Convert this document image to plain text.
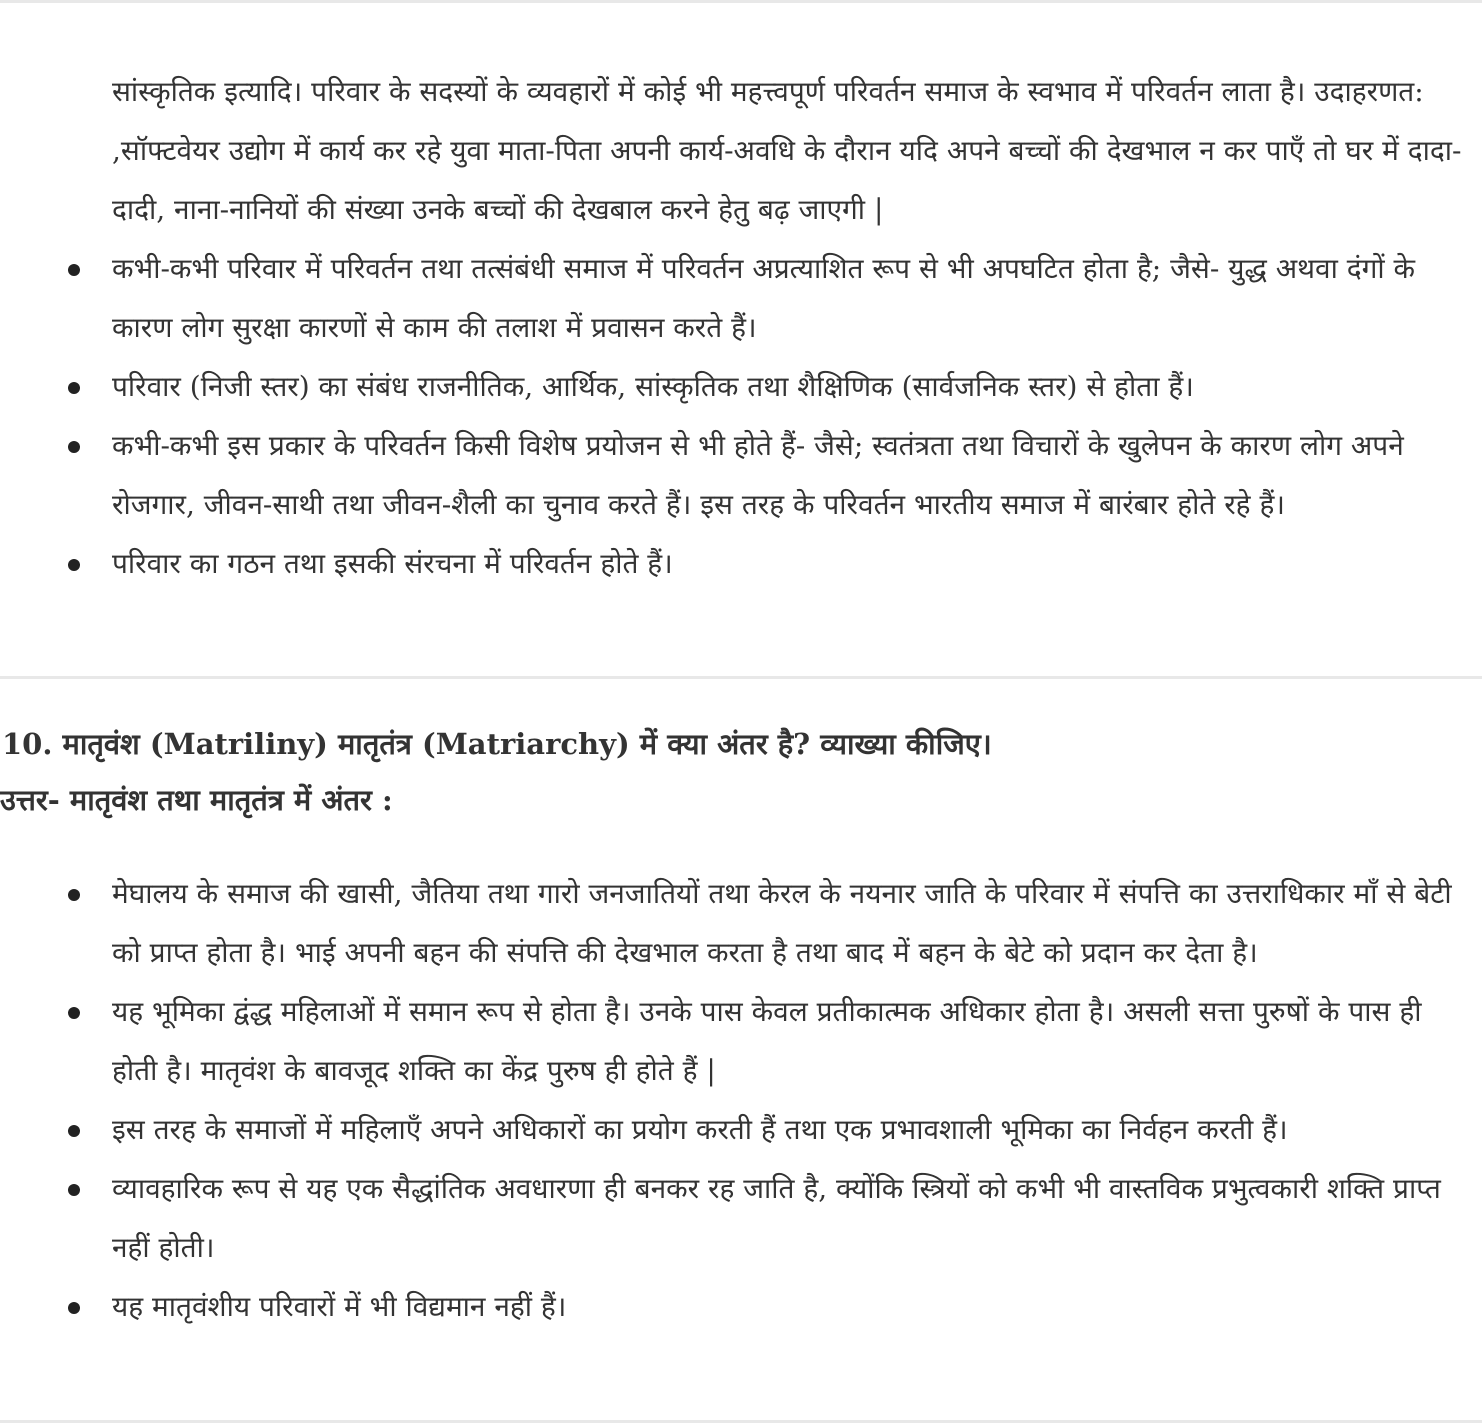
सांस्कृतिक इत्यादि। परिवार के सदस्यों के व्यवहारों में कोई भी महत्त्वपूर्ण परिवर्तन समाज के स्वभाव में परिवर्तन लाता है। उदाहरणत: ,सॉफ्टवेयर उद्योग में कार्य कर रहे युवा माता-पिता अपनी कार्य-अवधि के दौरान यदि अपने बच्चों की देखभाल न कर पाएँ तो घर में दादा-दादी, नाना-नानियों की संख्या उनके बच्चों की देखबाल करने हेतु बढ़ जाएगी |

कभी-कभी परिवार में परिवर्तन तथा तत्संबंधी समाज में परिवर्तन अप्रत्याशित रूप से भी अपघटित होता है; जैसे- युद्ध अथवा दंगों के कारण लोग सुरक्षा कारणों से काम की तलाश में प्रवासन करते हैं।
परिवार (निजी स्तर) का संबंध राजनीतिक, आर्थिक, सांस्कृतिक तथा शैक्षिणिक (सार्वजनिक स्तर) से होता हैं।
कभी-कभी इस प्रकार के परिवर्तन किसी विशेष प्रयोजन से भी होते हैं- जैसे; स्वतंत्रता तथा विचारों के खुलेपन के कारण लोग अपने रोजगार, जीवन-साथी तथा जीवन-शैली का चुनाव करते हैं। इस तरह के परिवर्तन भारतीय समाज में बारंबार होते रहे हैं।
परिवार का गठन तथा इसकी संरचना में परिवर्तन होते हैं।
10. मातृवंश (Matriliny) मातृतंत्र (Matriarchy) में क्या अंतर है? व्याख्या कीजिए।
उत्तर- मातृवंश तथा मातृतंत्र में अंतर :
मेघालय के समाज की खासी, जैतिया तथा गारो जनजातियों तथा केरल के नयनार जाति के परिवार में संपत्ति का उत्तराधिकार माँ से बेटी को प्राप्त होता है। भाई अपनी बहन की संपत्ति की देखभाल करता है तथा बाद में बहन के बेटे को प्रदान कर देता है।
यह भूमिका द्वंद्ध महिलाओं में समान रूप से होता है। उनके पास केवल प्रतीकात्मक अधिकार होता है। असली सत्ता पुरुषों के पास ही होती है। मातृवंश के बावजूद शक्ति का केंद्र पुरुष ही होते हैं |
इस तरह के समाजों में महिलाएँ अपने अधिकारों का प्रयोग करती हैं तथा एक प्रभावशाली भूमिका का निर्वहन करती हैं।
व्यावहारिक रूप से यह एक सैद्धांतिक अवधारणा ही बनकर रह जाति है, क्योंकि स्त्रियों को कभी भी वास्तविक प्रभुत्वकारी शक्ति प्राप्त नहीं होती।
यह मातृवंशीय परिवारों में भी विद्यमान नहीं हैं।
